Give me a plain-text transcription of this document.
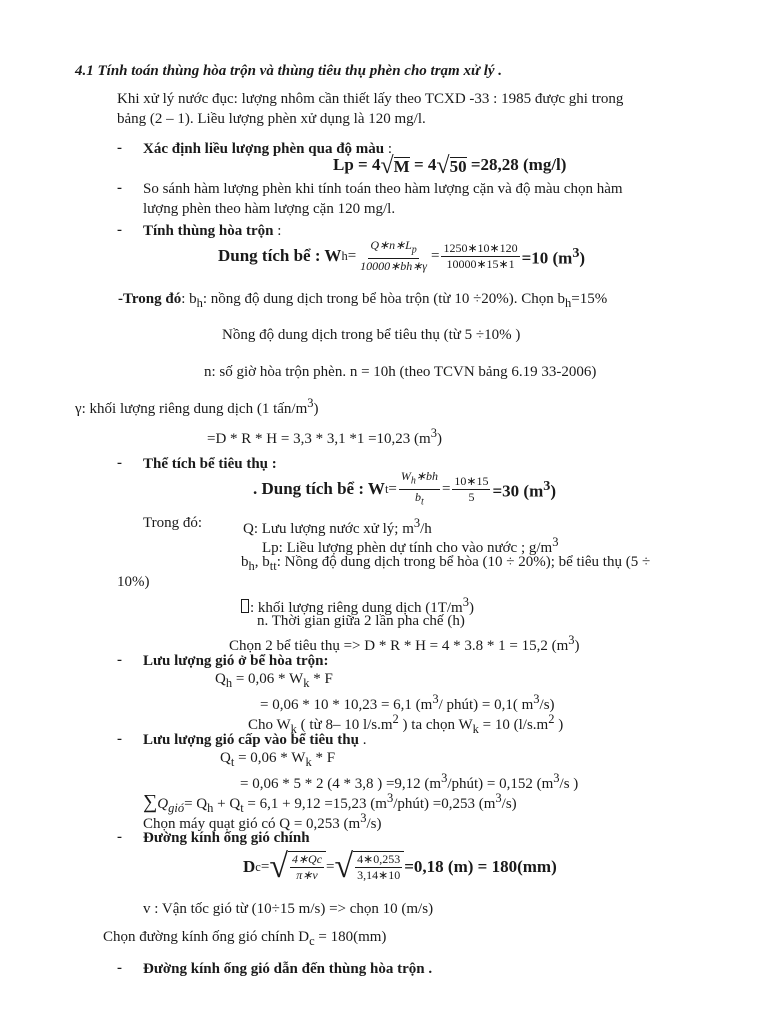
4.1 Tính toán thùng hòa trộn và thùng tiêu thụ phèn cho trạm xử lý .
Khi xử lý nước đục: lượng nhôm cần thiết lấy theo TCXD -33 : 1985 được ghi trong
bảng (2 – 1). Liều lượng phèn xử dụng là 120 mg/l.
- Xác định liều lượng phèn qua độ màu :
Lp = 4 √ M = 4 √ 50 =28,28 (mg/l)
- So sánh hàm lượng phèn khi tính toán theo hàm lượng cặn và độ màu chọn hàm
lượng phèn theo hàm lượng cặn 120 mg/l.
- Tính thùng hòa trộn :
Dung tích bể : W $h = \frac{Q∗n∗L_p}{10000∗bh∗\gamma} = \frac{1250∗10∗120}{10000∗15∗1} =10$ $(m^3)$
-Trong đó: $b_h$: nồng độ dung dịch trong bể hòa trộn (từ 10 ÷20%). Chọn $b_h=15\%$
Nồng độ dung dịch trong bể tiêu thụ (từ 5 ÷10% )
n: số giờ hòa trộn phèn. n = 10h (theo TCVN bảng 6.19 33-2006)
γ: khối lượng riêng dung dịch (1 tấn/$m^3$)
=D * R * H = 3,3 * 3,1 *1 =10,23 $(m^3)$
- Thể tích bể tiêu thụ :
. Dung tích bể : W $t = \frac{W_h∗bh}{b_t} = \frac{10∗15}{5} =30$ $(m^3)$
Trong đó:	Q: Lưu lượng nước xử lý; $m^3/h$
Lp: Liều lượng phèn dự tính cho vào nước ; $g/m^3$
$b_h$, $b_{tt}$: Nồng độ dung dịch trong bể hòa (10 ÷ 20%); bể tiêu thụ (5 ÷
10%)
: khối lượng riêng dung dịch $(1T/m^3)$
n. Thời gian giữa 2 lần pha chế (h)
Chọn 2 bể tiêu thụ => D * R * H = 4 * 3.8 * 1 = 15,2 $(m^3)$
- Lưu lượng gió ở bể hòa trộn:
$Q_h = 0,06 * W_k * F$
= 0,06 * 10 * 10,23 = 6,1 ($m^3/$ phút) = 0,1( $m^3/s$)
Cho $W_k$ ( từ 8– 10 $l/s.m^2$ ) ta chọn $W_k = 10$ ($l/s.m^2$ )
- Lưu lượng gió cấp vào bể tiêu thụ .
$Q_t = 0,06 * W_k * F$
= 0,06 * 5 * 2 (4 * 3,8 ) =9,12 $(m^3/phút) = 0,152$ ($m^3/s$ )
$\sum Q_{gió}= Q_h + Q_t = 6,1 + 9,12 =15,23$ $(m^3/phút) =0,253$ $(m^3/s)$
Chọn máy quạt gió có Q = 0,253 $(m^3/s)$
- Đường kính ống gió chính
D c = √ $\frac{4∗Qc}{\pi∗v}$ = √ $\frac{4∗0,253}{3,14∗10} =0,18$ (m) = 180(mm)
v : Vận tốc gió từ (10÷15 m/s) => chọn 10 (m/s)
Chọn đường kính ống gió chính $D_c = 180(mm)$
- Đường kính ống gió dẫn đến thùng hòa trộn .
